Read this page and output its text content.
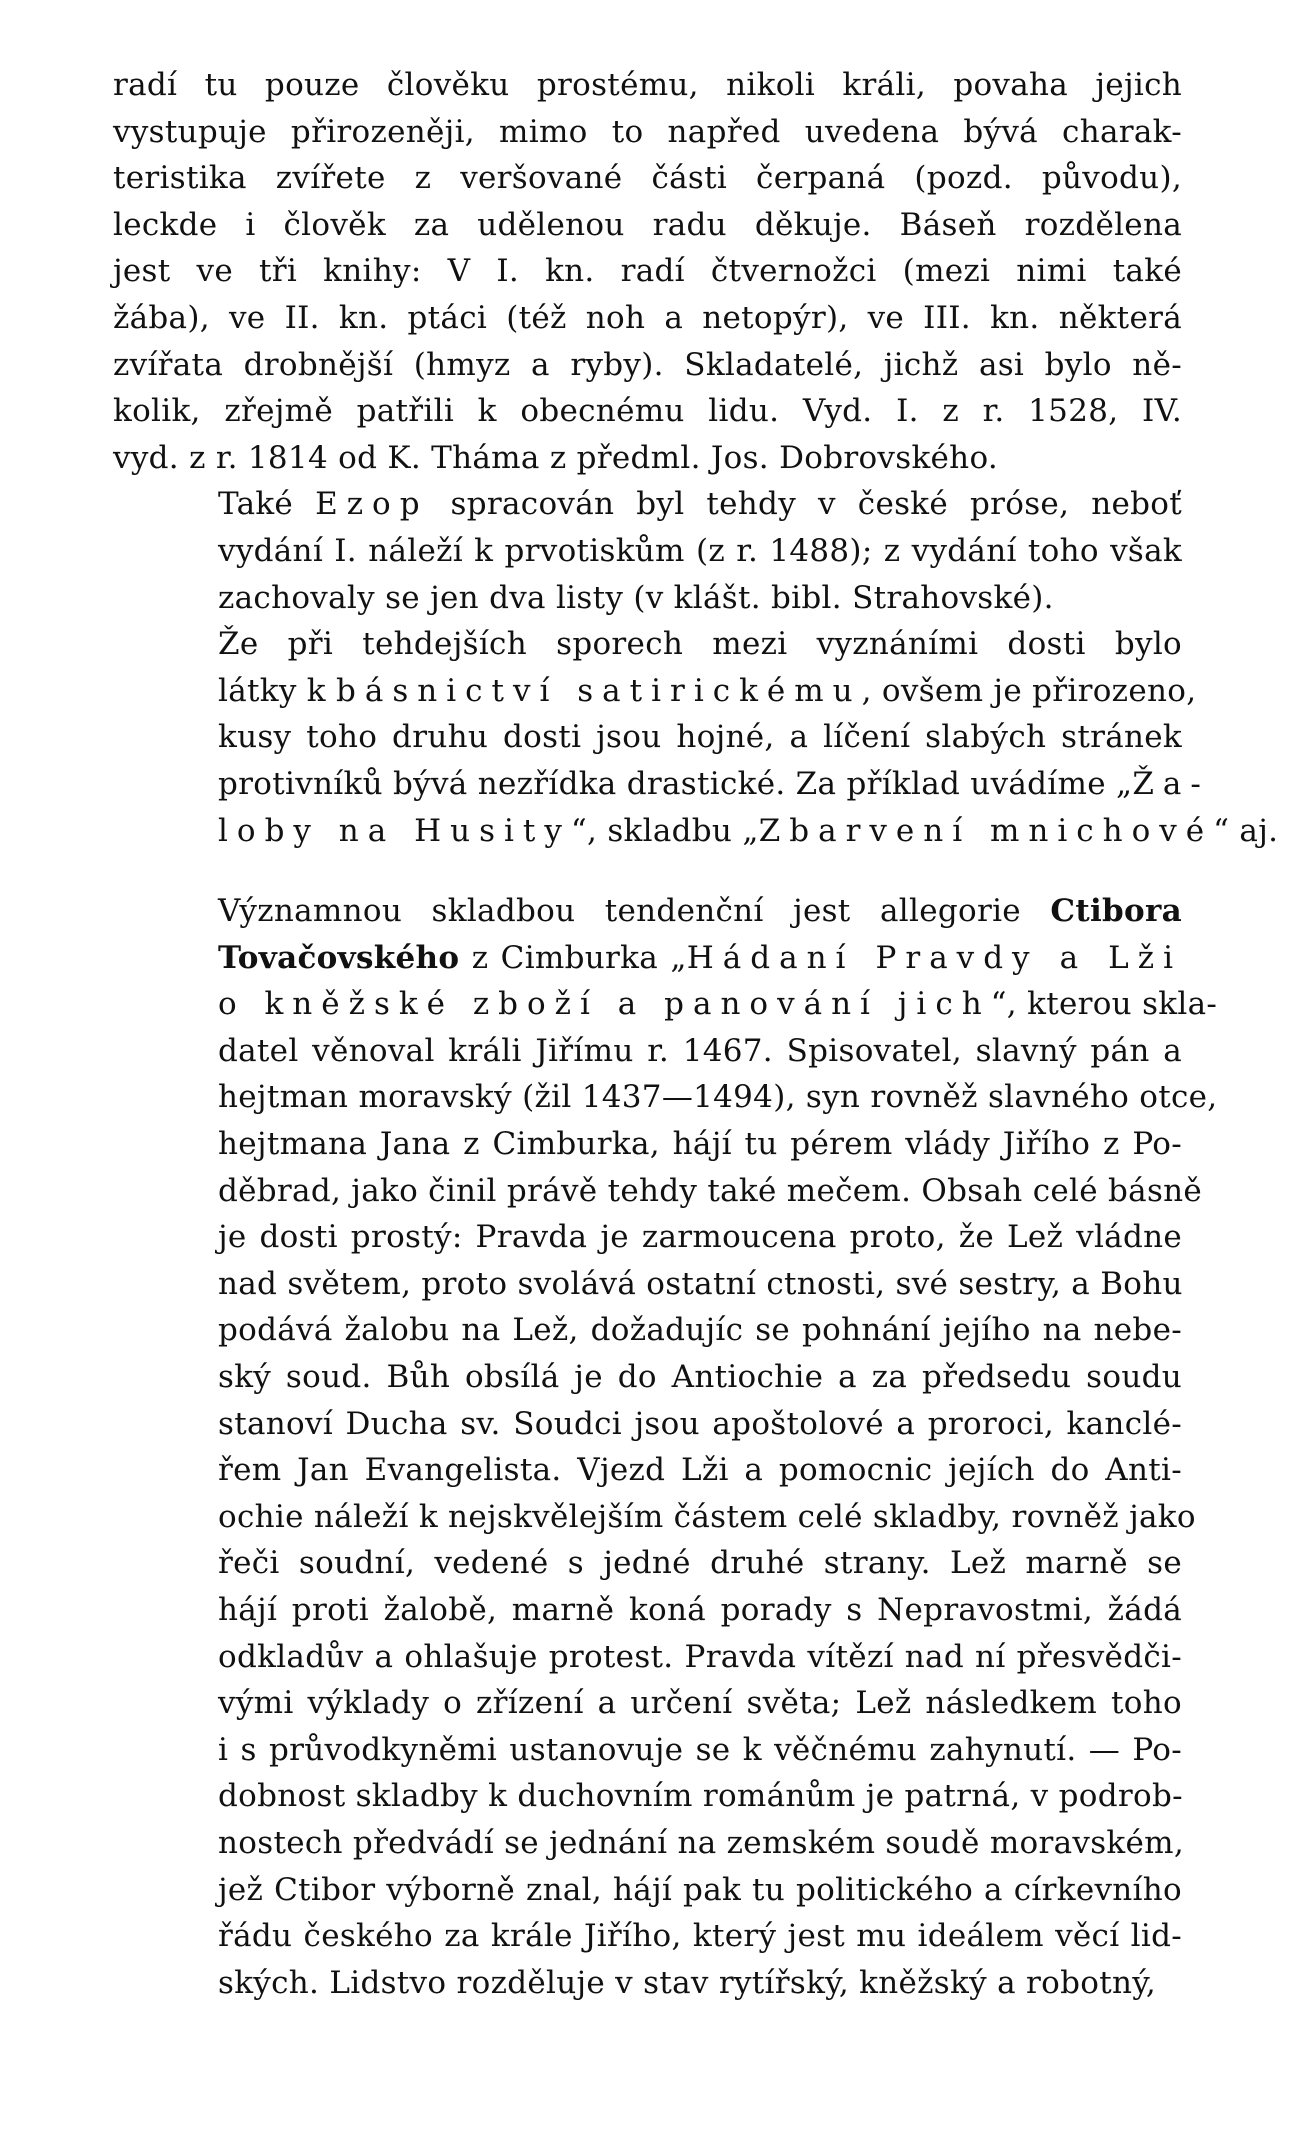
radí tu pouze člověku prostému, nikoli králi, povaha jejich
vystupuje přirozeněji, mimo to napřed uvedena bývá charak-
teristika zvířete z veršované části čerpaná (pozd. původu),
leckde i člověk za udělenou radu děkuje. Báseň rozdělena
jest ve tři knihy: V I. kn. radí čtvernožci (mezi nimi také
žába), ve II. kn. ptáci (též noh a netopýr), ve III. kn. některá
zvířata drobnější (hmyz a ryby). Skladatelé, jichž asi bylo ně-
kolik, zřejmě patřili k obecnému lidu. Vyd. I. z r. 1528, IV.
vyd. z r. 1814 od K. Tháma z předml. Jos. Dobrovského.

Také Ezop spracován byl tehdy v české próse, neboť
vydání I. náleží k prvotiskům (z r. 1488); z vydání toho však
zachovaly se jen dva listy (v klášt. bibl. Strahovské).

Že při tehdejších sporech mezi vyznáními dosti bylo
látky k básnictví satirickému, ovšem je přirozeno,
kusy toho druhu dosti jsou hojné, a líčení slabých stránek
protivníků bývá nezřídka drastické. Za příklad uvádíme „Ža-
loby na Husity“, skladbu „Zbarvení mnichové“ aj.

Významnou skladbou tendenční jest allegorie Ctibora
Tovačovského z Cimburka „Hádaní Pravdy a Lži
o kněžské zboží a panování jich“, kterou skla-
datel věnoval králi Jiřímu r. 1467. Spisovatel, slavný pán a
hejtman moravský (žil 1437—1494), syn rovněž slavného otce,
hejtmana Jana z Cimburka, hájí tu pérem vlády Jiřího z Po-
děbrad, jako činil právě tehdy také mečem. Obsah celé básně
je dosti prostý: Pravda je zarmoucena proto, že Lež vládne
nad světem, proto svolává ostatní ctnosti, své sestry, a Bohu
podává žalobu na Lež, dožadujíc se pohnání jejího na nebe-
ský soud. Bůh obsílá je do Antiochie a za předsedu soudu
stanoví Ducha sv. Soudci jsou apoštolové a proroci, kanclé-
řem Jan Evangelista. Vjezd Lži a pomocnic jejích do Anti-
ochie náleží k nejskvělejším částem celé skladby, rovněž jako
řeči soudní, vedené s jedné druhé strany. Lež marně se
hájí proti žalobě, marně koná porady s Nepravostmi, žádá
odkladův a ohlašuje protest. Pravda vítězí nad ní přesvědči-
vými výklady o zřízení a určení světa; Lež následkem toho
i s průvodkyněmi ustanovuje se k věčnému zahynutí. — Po-
dobnost skladby k duchovním románům je patrná, v podrob-
nostech předvádí se jednání na zemském soudě moravském,
jež Ctibor výborně znal, hájí pak tu politického a církevního
řádu českého za krále Jiřího, který jest mu ideálem věcí lid-
ských. Lidstvo rozděluje v stav rytířský, kněžský a robotný,
